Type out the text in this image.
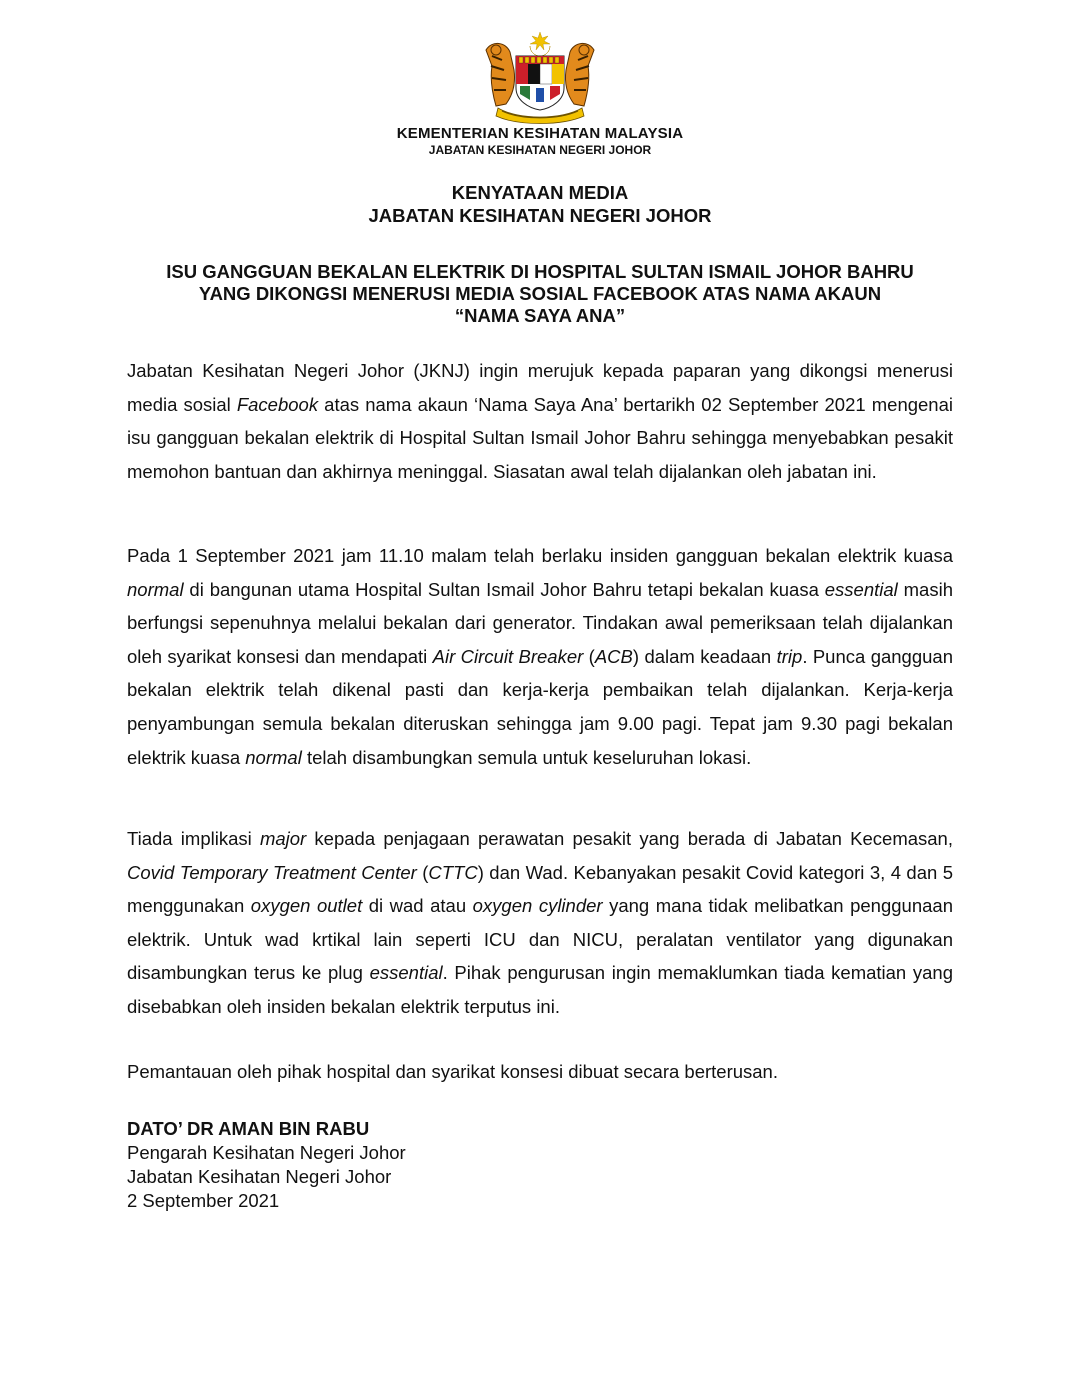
KEMENTERIAN KESIHATAN MALAYSIA
JABATAN KESIHATAN NEGERI JOHOR
KENYATAAN MEDIA
JABATAN KESIHATAN NEGERI JOHOR
ISU GANGGUAN BEKALAN ELEKTRIK DI HOSPITAL SULTAN ISMAIL JOHOR BAHRU
YANG DIKONGSI MENERUSI MEDIA SOSIAL FACEBOOK ATAS NAMA AKAUN
“NAMA SAYA ANA”

Jabatan Kesihatan Negeri Johor (JKNJ) ingin merujuk kepada paparan yang dikongsi menerusi media sosial Facebook atas nama akaun ‘Nama Saya Ana’ bertarikh 02 September 2021 mengenai isu gangguan bekalan elektrik di Hospital Sultan Ismail Johor Bahru sehingga menyebabkan pesakit memohon bantuan dan akhirnya meninggal. Siasatan awal telah dijalankan oleh jabatan ini.

Pada 1 September 2021 jam 11.10 malam telah berlaku insiden gangguan bekalan elektrik kuasa normal di bangunan utama Hospital Sultan Ismail Johor Bahru tetapi bekalan kuasa essential masih berfungsi sepenuhnya melalui bekalan dari generator. Tindakan awal pemeriksaan telah dijalankan oleh syarikat konsesi dan mendapati Air Circuit Breaker (ACB) dalam keadaan trip. Punca gangguan bekalan elektrik telah dikenal pasti dan kerja-kerja pembaikan telah dijalankan. Kerja-kerja penyambungan semula bekalan diteruskan sehingga jam 9.00 pagi. Tepat jam 9.30 pagi bekalan elektrik kuasa normal telah disambungkan semula untuk keseluruhan lokasi.

Tiada implikasi major kepada penjagaan perawatan pesakit yang berada di Jabatan Kecemasan, Covid Temporary Treatment Center (CTTC) dan Wad. Kebanyakan pesakit Covid kategori 3, 4 dan 5 menggunakan oxygen outlet di wad atau oxygen cylinder yang mana tidak melibatkan penggunaan elektrik. Untuk wad krtikal lain seperti ICU dan NICU, peralatan ventilator yang digunakan disambungkan terus ke plug essential. Pihak pengurusan ingin memaklumkan tiada kematian yang disebabkan oleh insiden bekalan elektrik terputus ini.

Pemantauan oleh pihak hospital dan syarikat konsesi dibuat secara berterusan.

DATO’ DR AMAN BIN RABU
Pengarah Kesihatan Negeri Johor
Jabatan Kesihatan Negeri Johor
2 September 2021
